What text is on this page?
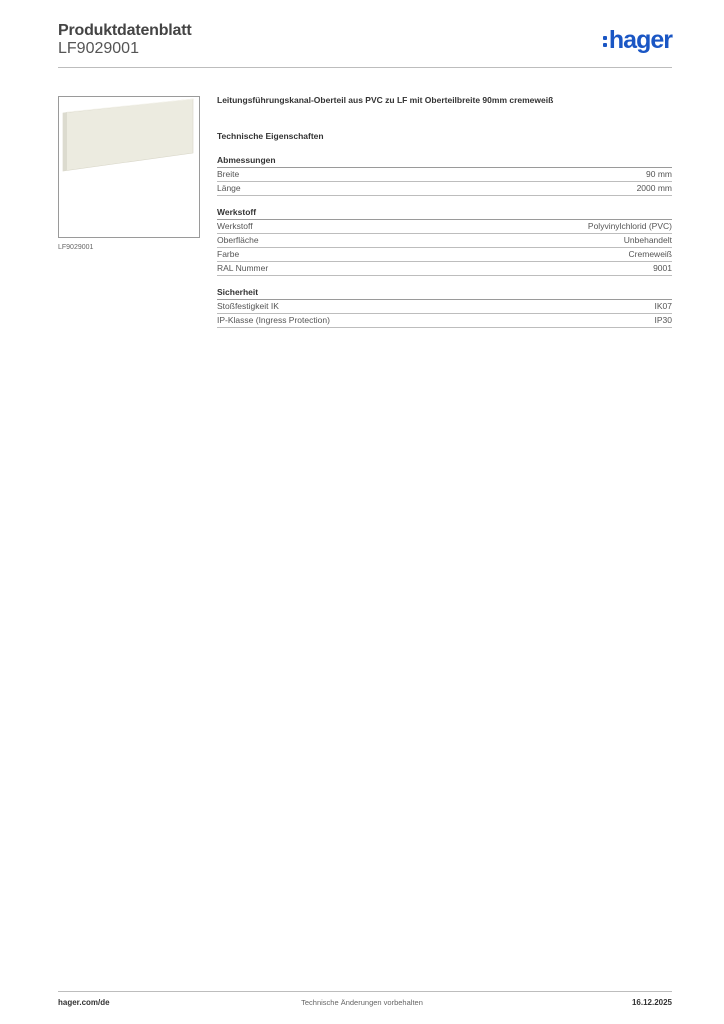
Produktdatenblatt
LF9029001	hager
LF9029001
Leitungsführungskanal-Oberteil aus PVC zu LF mit Oberteilbreite 90mm cremeweiß
Technische Eigenschaften
Abmessungen
Breite	90 mm
Länge	2000 mm
Werkstoff
Werkstoff	Polyvinylchlorid (PVC)
Oberfläche	Unbehandelt
Farbe	Cremeweiß
RAL Nummer	9001
Sicherheit
Stoßfestigkeit IK	IK07
IP-Klasse (Ingress Protection)	IP30
hager.com/de	Technische Änderungen vorbehalten	16.12.2025
